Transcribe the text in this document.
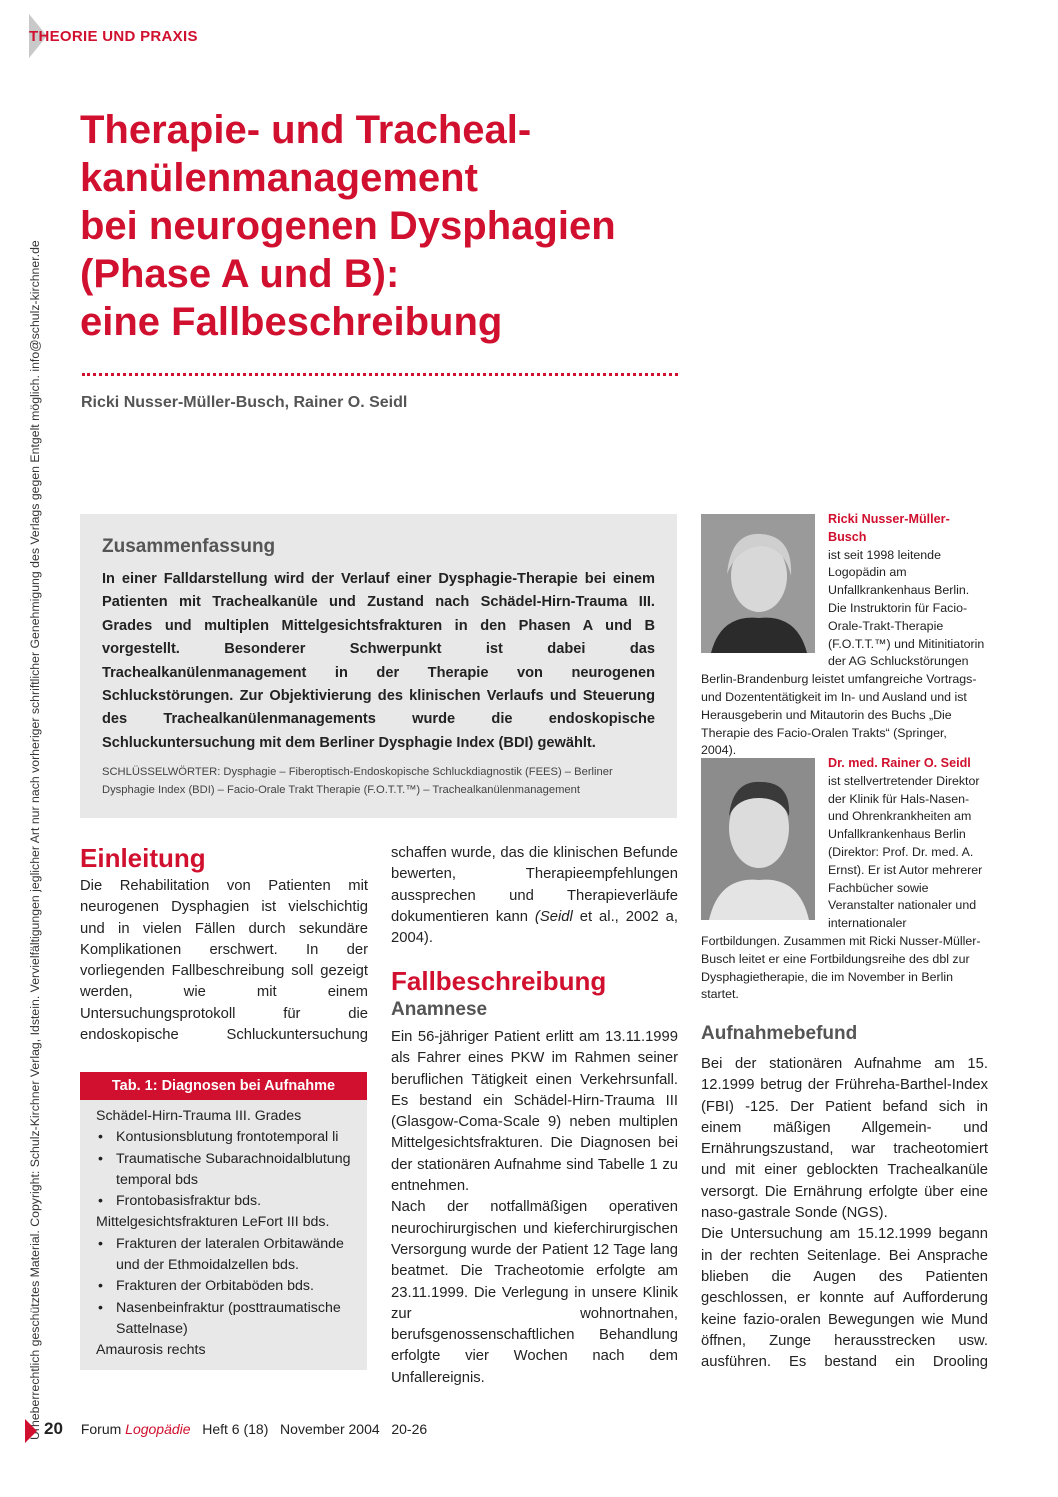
THEORIE UND PRAXIS
Urheberrechtlich geschütztes Material. Copyright: Schulz-Kirchner Verlag, Idstein. Vervielfältigungen jeglicher Art nur nach vorheriger schriftlicher Genehmigung des Verlags gegen Entgelt möglich. info@schulz-kirchner.de
Therapie- und Tracheal-
kanülenmanagement
bei neurogenen Dysphagien
(Phase A und B):
eine Fallbeschreibung
Ricki Nusser-Müller-Busch, Rainer O. Seidl
Zusammenfassung

In einer Falldarstellung wird der Verlauf einer Dysphagie-Therapie bei einem Patienten mit Trachealkanüle und Zustand nach Schädel-Hirn-Trauma III. Grades und multiplen Mittelgesichtsfrakturen in den Phasen A und B vorgestellt. Besonderer Schwerpunkt ist dabei das Trachealkanülenmanagement in der Therapie von neurogenen Schluckstörungen. Zur Objektivierung des klinischen Verlaufs und Steuerung des Trachealkanülenmanagements wurde die endoskopische Schluckuntersuchung mit dem Berliner Dysphagie Index (BDI) gewählt.

SCHLÜSSELWÖRTER: Dysphagie – Fiberoptisch-Endoskopische Schluckdiagnostik (FEES) – Berliner Dysphagie Index (BDI) – Facio-Orale Trakt Therapie (F.O.T.T.™) – Trachealkanülenmanagement

Einleitung

Die Rehabilitation von Patienten mit neurogenen Dysphagien ist vielschichtig und in vielen Fällen durch sekundäre Komplikationen erschwert. In der vorliegenden Fallbeschreibung soll gezeigt werden, wie mit einem Untersuchungsprotokoll für die endoskopische Schluckuntersuchung

Tab. 1: Diagnosen bei Aufnahme
Schädel-Hirn-Trauma III. Grades
• Kontusionsblutung frontotemporal li
• Traumatische Subarachnoidalblutung temporal bds
• Frontobasisfraktur bds.
Mittelgesichtsfrakturen LeFort III bds.
• Frakturen der lateralen Orbitawände und der Ethmoidalzellen bds.
• Frakturen der Orbitaböden bds.
• Nasenbeinfraktur (posttraumatische Sattelnase)
Amaurosis rechts

schaffen wurde, das die klinischen Befunde bewerten, Therapieempfehlungen aussprechen und Therapieverläufe dokumentieren kann (Seidl et al., 2002 a, 2004).

Fallbeschreibung
Anamnese

Ein 56-jähriger Patient erlitt am 13.11.1999 als Fahrer eines PKW im Rahmen seiner beruflichen Tätigkeit einen Verkehrsunfall. Es bestand ein Schädel-Hirn-Trauma III (Glasgow-Coma-Scale 9) neben multiplen Mittelgesichtsfrakturen. Die Diagnosen bei der stationären Aufnahme sind Tabelle 1 zu entnehmen.

Nach der notfallmäßigen operativen neurochirurgischen und kieferchirurgischen Versorgung wurde der Patient 12 Tage lang beatmet. Die Tracheotomie erfolgte am 23.11.1999. Die Verlegung in unsere Klinik zur wohnortnahen, berufsgenossenschaftlichen Behandlung erfolgte vier Wochen nach dem Unfallereignis.

Ricki Nusser-Müller-Busch
ist seit 1998 leitende Logopädin am Unfallkrankenhaus Berlin. Die Instruktorin für Facio-Orale-Trakt-Therapie (F.O.T.T.™) und Mitinitiatorin der AG Schluckstörungen Berlin-Brandenburg leistet umfangreiche Vortrags- und Dozententätigkeit im In- und Ausland und ist Herausgeberin und Mitautorin des Buchs „Die Therapie des Facio-Oralen Trakts“ (Springer, 2004).
Dr. med. Rainer O. Seidl
ist stellvertretender Direktor der Klinik für Hals-Nasen- und Ohrenkrankheiten am Unfallkrankenhaus Berlin (Direktor: Prof. Dr. med. A. Ernst). Er ist Autor mehrerer Fachbücher sowie Veranstalter nationaler und internationaler Fortbildungen. Zusammen mit Ricki Nusser-Müller-Busch leitet er eine Fortbildungsreihe des dbl zur Dysphagietherapie, die im November in Berlin startet.
Aufnahmebefund

Bei der stationären Aufnahme am 15. 12.1999 betrug der Frühreha-Barthel-Index (FBI) -125. Der Patient befand sich in einem mäßigen Allgemein- und Ernährungszustand, war tracheotomiert und mit einer geblockten Trachealkanüle versorgt. Die Ernährung erfolgte über eine naso-gastrale Sonde (NGS).

Die Untersuchung am 15.12.1999 begann in der rechten Seitenlage. Bei Ansprache blieben die Augen des Patienten geschlossen, er konnte auf Aufforderung keine fazio-oralen Bewegungen wie Mund öffnen, Zunge herausstrecken usw. ausführen. Es bestand ein Drooling

20 Forum Logopädie Heft 6 (18) November 2004 20-26
